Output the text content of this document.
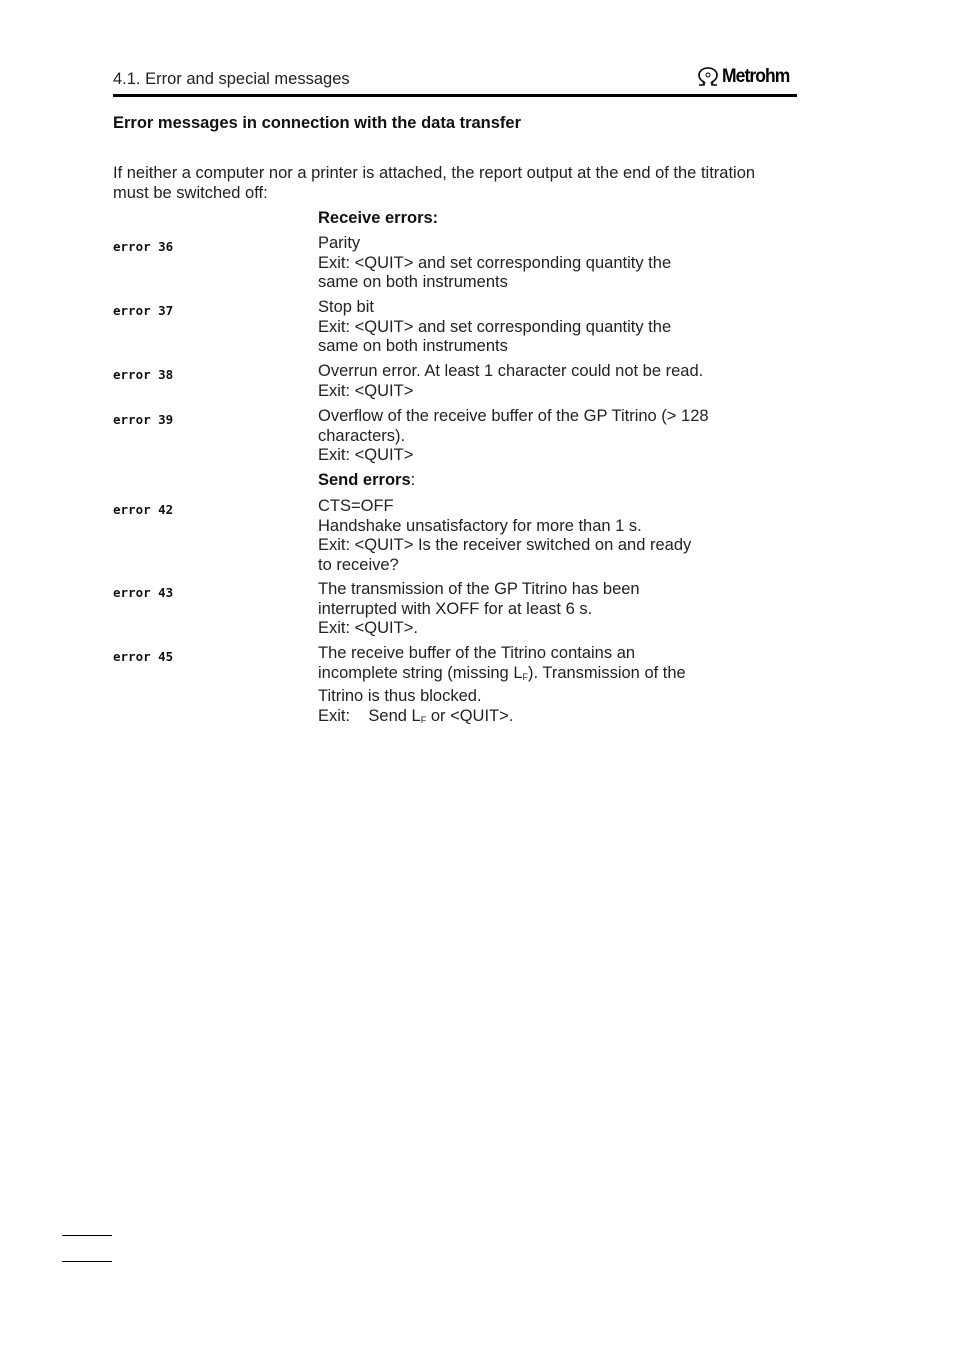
4.1. Error and special messages	Metrohm
Error messages in connection with the data transfer
If neither a computer nor a printer is attached, the report output at the end of the titration must be switched off:
Receive errors:
error 36	Parity
Exit: <QUIT> and set corresponding quantity the
same on both instruments
error 37	Stop bit
Exit: <QUIT> and set corresponding quantity the
same on both instruments
error 38	Overrun error. At least 1 character could not be read.
Exit: <QUIT>
error 39	Overflow of the receive buffer of the GP Titrino (> 128
characters).
Exit: <QUIT>
Send errors:
error 42	CTS=OFF
Handshake unsatisfactory for more than 1 s.
Exit: <QUIT> Is the receiver switched on and ready
to receive?
error 43	The transmission of the GP Titrino has been
interrupted with XOFF for at least 6 s.
Exit: <QUIT>.
error 45	The receive buffer of the Titrino contains an
incomplete string (missing $L_F$). Transmission of the
Titrino is thus blocked.
Exit:    Send $L_F$ or <QUIT>.
